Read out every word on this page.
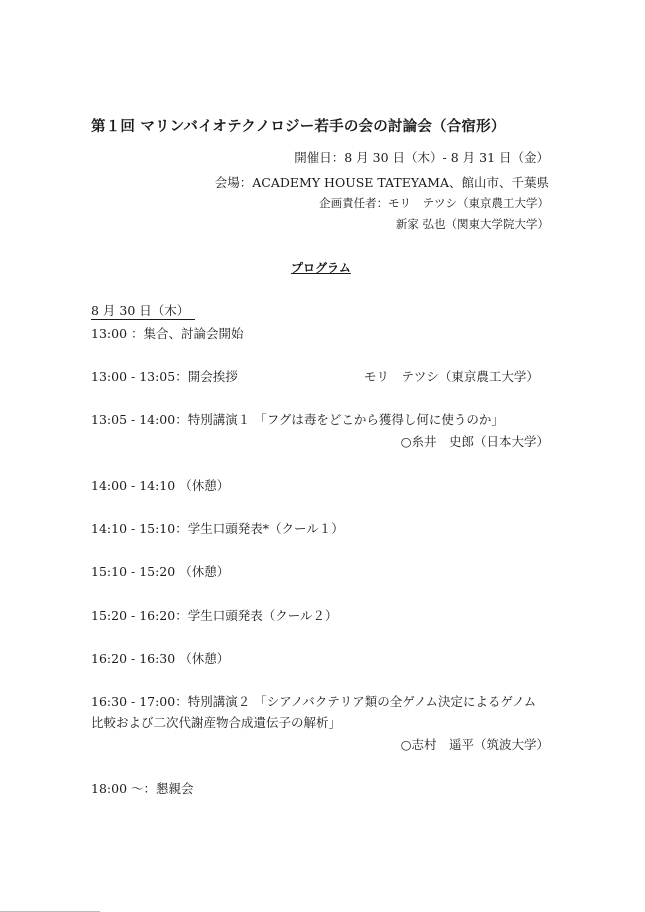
第１回 マリンバイオテクノロジー若手の会の討論会（合宿形）
開催日：8 月 30 日（木）- 8 月 31 日（金）
会場：ACADEMY HOUSE TATEYAMA、館山市、千葉県
企画責任者：モリ　テツシ（東京農工大学）
新家 弘也（関東大学院大学）
プログラム
8 月 30 日（木）
13:00 ：集合、討論会開始
13:00 - 13:05：開会挨拶	モリ　テツシ（東京農工大学）
13:05 - 14:00：特別講演１ 「フグは毒をどこから獲得し何に使うのか」
○糸井　史郎（日本大学）
14:00 - 14:10 （休憩）
14:10 - 15:10：学生口頭発表*（クール１）
15:10 - 15:20 （休憩）
15:20 - 16:20：学生口頭発表（クール２）
16:20 - 16:30 （休憩）
16:30 - 17:00：特別講演２ 「シアノバクテリア類の全ゲノム決定によるゲノム
比較および二次代謝産物合成遺伝子の解析」
○志村　遥平（筑波大学）
18:00 ～：懇親会
